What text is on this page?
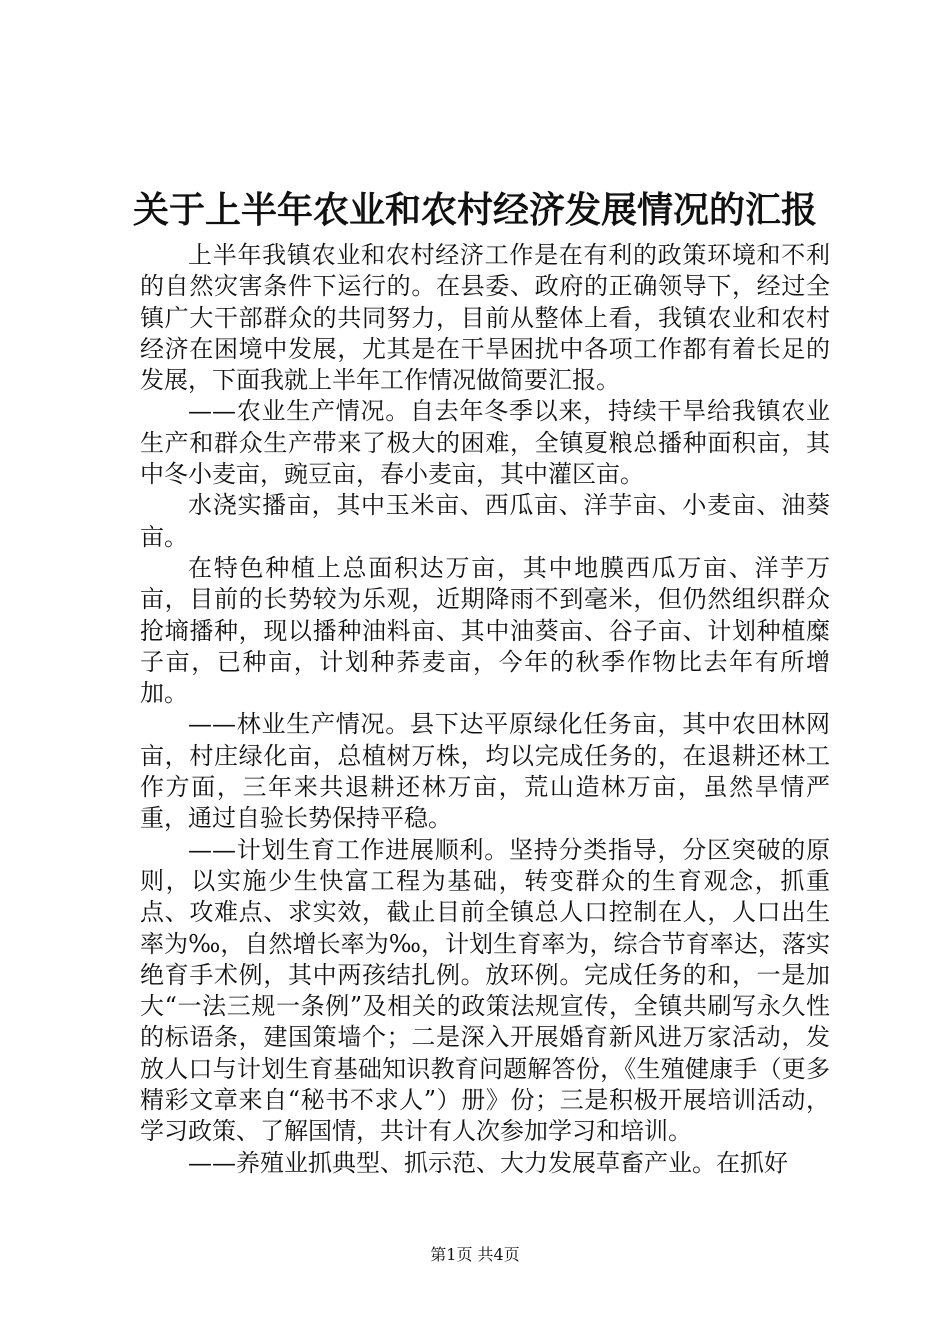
关于上半年农业和农村经济发展情况的汇报

上半年我镇农业和农村经济工作是在有利的政策环境和不利的自然灾害条件下运行的。在县委、政府的正确领导下，经过全镇广大干部群众的共同努力，目前从整体上看，我镇农业和农村经济在困境中发展，尤其是在干旱困扰中各项工作都有着长足的发展，下面我就上半年工作情况做简要汇报。

——农业生产情况。自去年冬季以来，持续干旱给我镇农业生产和群众生产带来了极大的困难，全镇夏粮总播种面积亩，其中冬小麦亩，豌豆亩，春小麦亩，其中灌区亩。

水浇实播亩，其中玉米亩、西瓜亩、洋芋亩、小麦亩、油葵亩。

在特色种植上总面积达万亩，其中地膜西瓜万亩、洋芋万亩，目前的长势较为乐观，近期降雨不到毫米，但仍然组织群众抢墒播种，现以播种油料亩、其中油葵亩、谷子亩、计划种植糜子亩，已种亩，计划种荞麦亩，今年的秋季作物比去年有所增加。

——林业生产情况。县下达平原绿化任务亩，其中农田林网亩，村庄绿化亩，总植树万株，均以完成任务的，在退耕还林工作方面，三年来共退耕还林万亩，荒山造林万亩，虽然旱情严重，通过自验长势保持平稳。

——计划生育工作进展顺利。坚持分类指导，分区突破的原则，以实施少生快富工程为基础，转变群众的生育观念，抓重点、攻难点、求实效，截止目前全镇总人口控制在人，人口出生率为‰，自然增长率为‰，计划生育率为，综合节育率达，落实绝育手术例，其中两孩结扎例。放环例。完成任务的和，一是加大“一法三规一条例”及相关的政策法规宣传，全镇共刷写永久性的标语条，建国策墙个；二是深入开展婚育新风进万家活动，发放人口与计划生育基础知识教育问题解答份，《生殖健康手（更多精彩文章来自“秘书不求人”）册》份；三是积极开展培训活动，学习政策、了解国情，共计有人次参加学习和培训。

——养殖业抓典型、抓示范、大力发展草畜产业。在抓好

第1页 共4页
